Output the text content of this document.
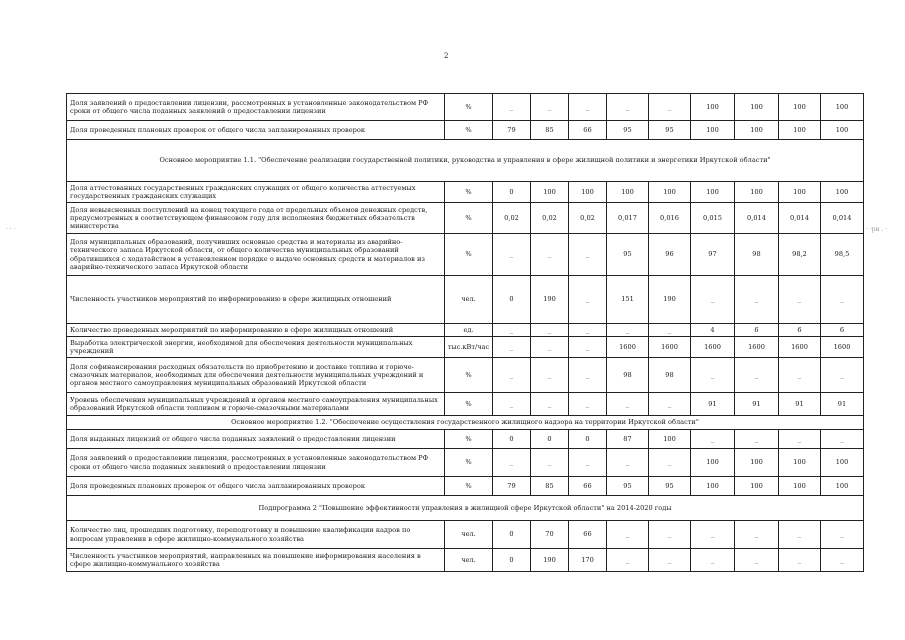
2
· · ·	· ·рн . ·
Доля заявлений о предоставлении лицензии, рассмотренных в установленные законодательством РФ сроки от общего числа поданных заявлений о предоставлении лицензии	%	_	_	_	_	_	100	100	100	100
Доля проведенных плановых проверок от общего числа запланированных проверок	%	79	85	66	95	95	100	100	100	100
Основное мероприятие 1.1. "Обеспечение реализации государственной политики, руководства и управления в сфере жилищной политики и энергетики Иркутской области"										
Доля аттестованных государственных гражданских служащих от общего количества аттестуемых государственных гражданских служащих	%	0	100	100	100	100	100	100	100	100
Доля невыясненных поступлений на конец текущего года от предельных объемов денежных средств, предусмотренных в соответствующем финансовом году для исполнения бюджетных обязательств министерства	%	0,02	0,02	0,02	0,017	0,016	0,015	0,014	0,014	0,014
Доля муниципальных образований, получивших основные средства и материалы из аварийно-технического запаса Иркутской области, от общего количества муниципальных образований обратившихся с ходатайством в установленном порядке о выдаче основных средств и материалов из аварийно-технического запаса Иркутской области	%	_	_	_	95	96	97	98	98,2	98,5
Численность участников мероприятий по информированию в сфере жилищных отношений	чел.	0	190	_	151	190	_	_	_	_
Количество проведенных мероприятий по информированию в сфере жилищных отношений	ед.	_	_	_	_	_	4	6	6	6
Выработка электрической энергии, необходимой для обеспечения деятельности муниципальных учреждений	тыс.кВт/час	_	_	_	1600	1600	1600	1600	1600	1600
Доля софинансирования расходных обязательств по приобретению и доставке топлива и горюче-смазочных материалов, необходимых для обеспечения деятельности муниципальных учреждений и органов местного самоуправления муниципальных образований Иркутской области	%	_	_	_	98	98	_	_	_	_
Уровень обеспечения муниципальных учреждений и органов местного самоуправления муниципальных образований Иркутской области топливом и горюче-смазочными материалами	%	_	_	_	_	_	91	91	91	91
Основное мероприятие 1.2. "Обеспечение осуществления государственного жилищного надзора на территории Иркутской области"										
Доля выданных лицензий от общего числа поданных заявлений о предоставлении лицензии	%	0	0	0	87	100	_	_	_	_
Доля заявлений о предоставлении лицензии, рассмотренных в установленные законодательством РФ сроки от общего числа поданных заявлений о предоставлении лицензии	%	_	_	_	_	_	100	100	100	100
Доля проведенных плановых проверок от общего числа запланированных проверок	%	79	85	66	95	95	100	100	100	100
Подпрограмма 2 "Повышение эффективности управления в жилищной сфере Иркутской области" на 2014-2020 годы										
Количество лиц, прошедших подготовку, переподготовку и повышение квалификации кадров по вопросам управления в сфере жилищно-коммунального хозяйства	чел.	0	70	66	_	_	_	_	_	_
Численность участников мероприятий, направленных на повышение информирования населения в сфере жилищно-коммунального хозяйства	чел.	0	190	170	_	_	_	_	_	_
